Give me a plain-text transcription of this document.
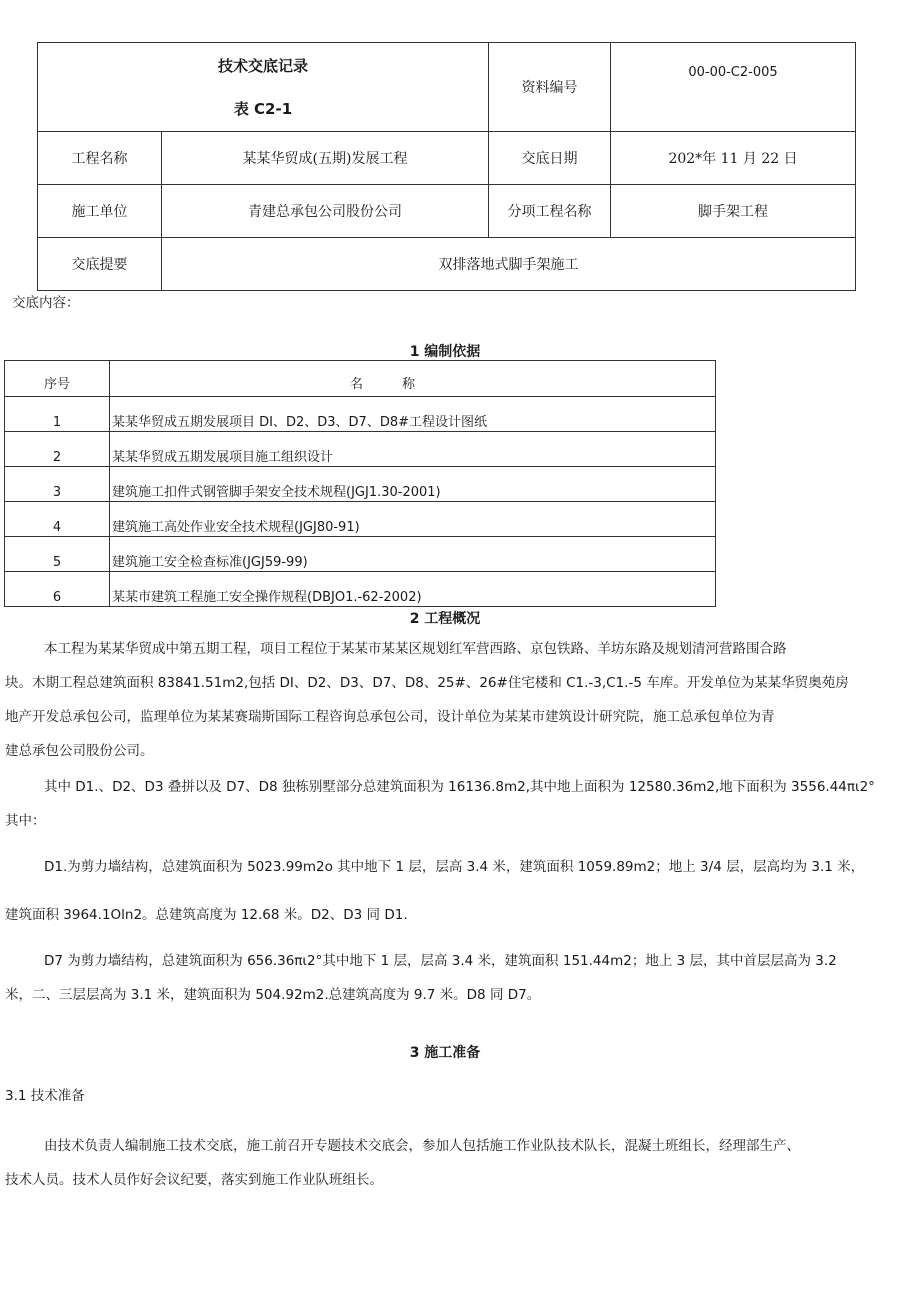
技术交底记录
表 C2-1		资料编号	00-00-C2-005
工程名称	某某华贸成(五期)发展工程	交底日期	202*年 11 月 22 日
施工单位	青建总承包公司股份公司	分项工程名称	脚手架工程
交底提要	双排落地式脚手架施工		
交底内容：
1 编制依据
序号	名　　　称
1	某某华贸成五期发展项目 DI、D2、D3、D7、D8#工程设计图纸
2	某某华贸成五期发展项目施工组织设计
3	建筑施工扣件式钢管脚手架安全技术规程(JGJ1.30-2001)
4	建筑施工高处作业安全技术规程(JGJ80-91)
5	建筑施工安全检查标准(JGJ59-99)
6	某某市建筑工程施工安全操作规程(DBJO1.-62-2002)
2 工程概况
本工程为某某华贸成中第五期工程，项目工程位于某某市某某区规划红军营西路、京包铁路、羊坊东路及规划清河营路围合路
块。木期工程总建筑面积 83841.51m2,包括 DI、D2、D3、D7、D8、25#、26#住宅楼和 C1.-3,C1.-5 车库。开发单位为某某华贸奥苑房
地产开发总承包公司，监理单位为某某赛瑞斯国际工程咨询总承包公司，设计单位为某某市建筑设计研究院，施工总承包单位为青
建总承包公司股份公司。
其中 D1.、D2、D3 叠拼以及 D7、D8 独栋别墅部分总建筑面积为 16136.8m2,其中地上面积为 12580.36m2,地下面积为 3556.44πι2°
其中：
D1.为剪力墙结构，总建筑面积为 5023.99m2o 其中地下 1 层，层高 3.4 米，建筑面积 1059.89m2；地上 3/4 层，层高均为 3.1 米，
建筑面积 3964.1Oln2。总建筑高度为 12.68 米。D2、D3 同 D1.
D7 为剪力墙结构，总建筑面积为 656.36πι2°其中地下 1 层，层高 3.4 米，建筑面积 151.44m2；地上 3 层，其中首层层高为 3.2
米，二、三层层高为 3.1 米，建筑面积为 504.92m2.总建筑高度为 9.7 米。D8 同 D7。
3 施工准备
3.1 技术准备
由技术负责人编制施工技术交底，施工前召开专题技术交底会，参加人包括施工作业队技术队长，混凝土班组长，经理部生产、
技术人员。技术人员作好会议纪要，落实到施工作业队班组长。
